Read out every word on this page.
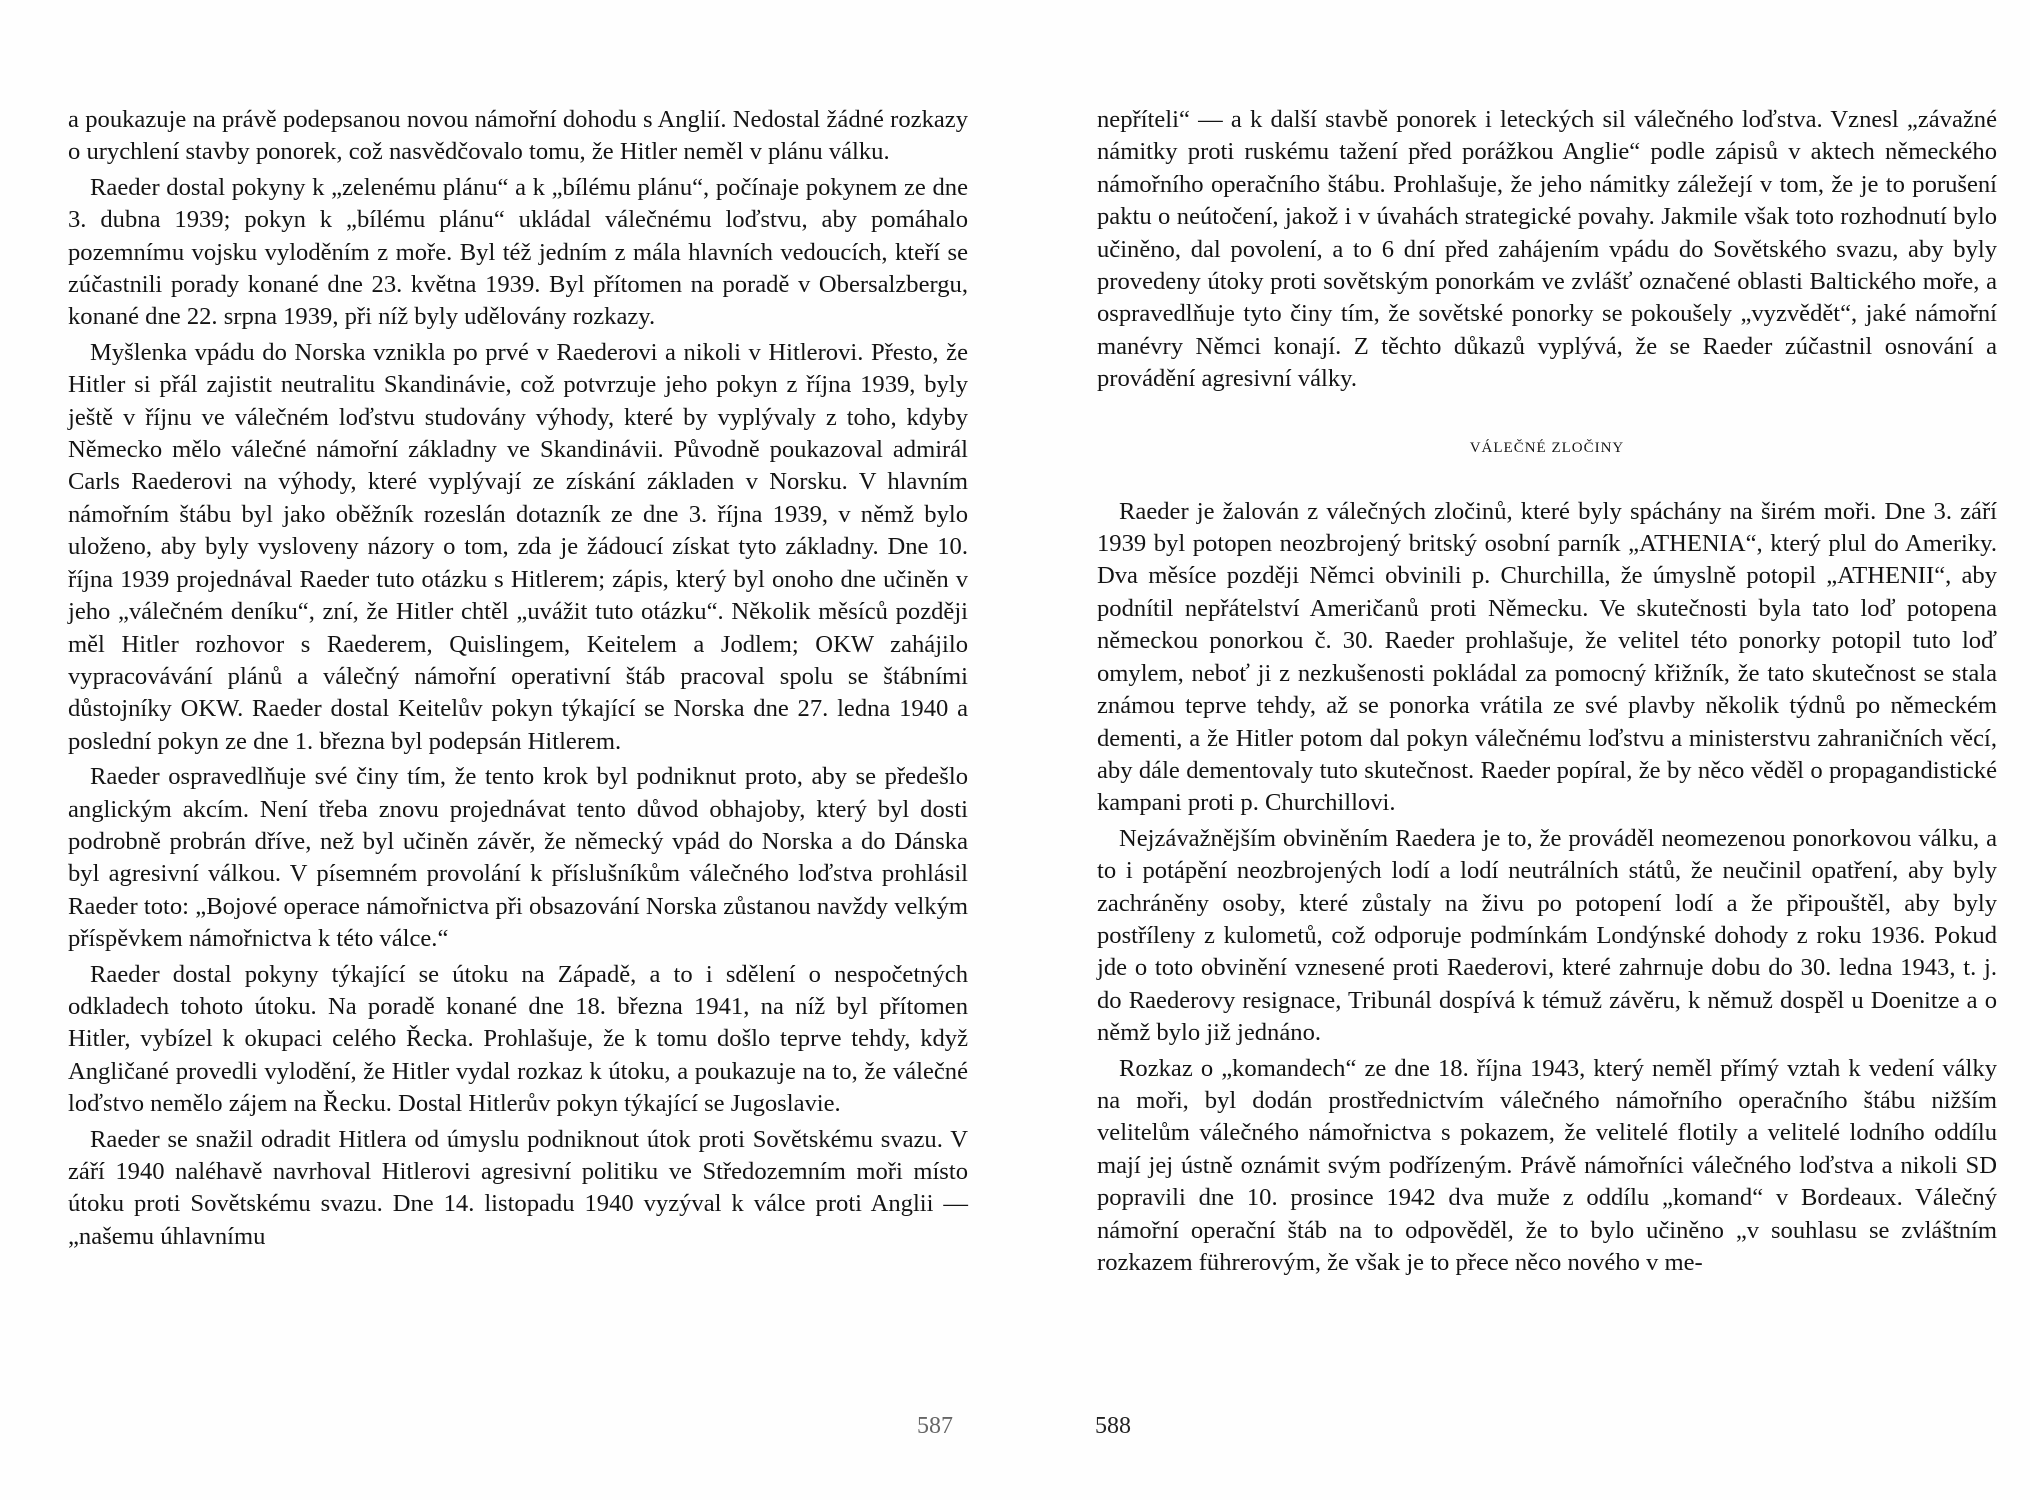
a poukazuje na právě podepsanou novou námořní dohodu s Anglií. Nedostal žádné rozkazy o urychlení stavby ponorek, což nasvědčovalo tomu, že Hitler neměl v plánu válku.

Raeder dostal pokyny k „zelenému plánu“ a k „bílému plánu“, počínaje pokynem ze dne 3. dubna 1939; pokyn k „bílému plánu“ ukládal válečnému loďstvu, aby pomáhalo pozemnímu vojsku vyloděním z moře. Byl též jedním z mála hlavních vedoucích, kteří se zúčastnili porady konané dne 23. května 1939. Byl přítomen na poradě v Obersalzbergu, konané dne 22. srpna 1939, při níž byly udělovány rozkazy.

Myšlenka vpádu do Norska vznikla po prvé v Raederovi a nikoli v Hitlerovi. Přesto, že Hitler si přál zajistit neutralitu Skandinávie, což potvrzuje jeho pokyn z října 1939, byly ještě v říjnu ve válečném loďstvu studovány výhody, které by vyplývaly z toho, kdyby Německo mělo válečné námořní základny ve Skandinávii. Původně poukazoval admirál Carls Raederovi na výhody, které vyplývají ze získání základen v Norsku. V hlavním námořním štábu byl jako oběžník rozeslán dotazník ze dne 3. října 1939, v němž bylo uloženo, aby byly vysloveny názory o tom, zda je žádoucí získat tyto základny. Dne 10. října 1939 projednával Raeder tuto otázku s Hitlerem; zápis, který byl onoho dne učiněn v jeho „válečném deníku“, zní, že Hitler chtěl „uvážit tuto otázku“. Několik měsíců později měl Hitler rozhovor s Raederem, Quislingem, Keitelem a Jodlem; OKW zahájilo vypracovávání plánů a válečný námořní operativní štáb pracoval spolu se štábními důstojníky OKW. Raeder dostal Keitelův pokyn týkající se Norska dne 27. ledna 1940 a poslední pokyn ze dne 1. března byl podepsán Hitlerem.

Raeder ospravedlňuje své činy tím, že tento krok byl podniknut proto, aby se předešlo anglickým akcím. Není třeba znovu projednávat tento důvod obhajoby, který byl dosti podrobně probrán dříve, než byl učiněn závěr, že německý vpád do Norska a do Dánska byl agresivní válkou. V písemném provolání k příslušníkům válečného loďstva prohlásil Raeder toto: „Bojové operace námořnictva při obsazování Norska zůstanou navždy velkým příspěvkem námořnictva k této válce.“

Raeder dostal pokyny týkající se útoku na Západě, a to i sdělení o nespočetných odkladech tohoto útoku. Na poradě konané dne 18. března 1941, na níž byl přítomen Hitler, vybízel k okupaci celého Řecka. Prohlašuje, že k tomu došlo teprve tehdy, když Angličané provedli vylodění, že Hitler vydal rozkaz k útoku, a poukazuje na to, že válečné loďstvo nemělo zájem na Řecku. Dostal Hitlerův pokyn týkající se Jugoslavie.

Raeder se snažil odradit Hitlera od úmyslu podniknout útok proti Sovětskému svazu. V září 1940 naléhavě navrhoval Hitlerovi agresivní politiku ve Středozemním moři místo útoku proti Sovětskému svazu. Dne 14. listopadu 1940 vyzýval k válce proti Anglii — „našemu úhlavnímu

587

nepříteli“ — a k další stavbě ponorek i leteckých sil válečného loďstva. Vznesl „závažné námitky proti ruskému tažení před porážkou Anglie“ podle zápisů v aktech německého námořního operačního štábu. Prohlašuje, že jeho námitky záležejí v tom, že je to porušení paktu o neútočení, jakož i v úvahách strategické povahy. Jakmile však toto rozhodnutí bylo učiněno, dal povolení, a to 6 dní před zahájením vpádu do Sovětského svazu, aby byly provedeny útoky proti sovětským ponorkám ve zvlášť označené oblasti Baltického moře, a ospravedlňuje tyto činy tím, že sovětské ponorky se pokoušely „vyzvědět“, jaké námořní manévry Němci konají. Z těchto důkazů vyplývá, že se Raeder zúčastnil osnování a provádění agresivní války.

VÁLEČNÉ ZLOČINY

Raeder je žalován z válečných zločinů, které byly spáchány na širém moři. Dne 3. září 1939 byl potopen neozbrojený britský osobní parník „ATHENIA“, který plul do Ameriky. Dva měsíce později Němci obvinili p. Churchilla, že úmyslně potopil „ATHENII“, aby podnítil nepřátelství Američanů proti Německu. Ve skutečnosti byla tato loď potopena německou ponorkou č. 30. Raeder prohlašuje, že velitel této ponorky potopil tuto loď omylem, neboť ji z nezkušenosti pokládal za pomocný křižník, že tato skutečnost se stala známou teprve tehdy, až se ponorka vrátila ze své plavby několik týdnů po německém dementi, a že Hitler potom dal pokyn válečnému loďstvu a ministerstvu zahraničních věcí, aby dále dementovaly tuto skutečnost. Raeder popíral, že by něco věděl o propagandistické kampani proti p. Churchillovi.

Nejzávažnějším obviněním Raedera je to, že prováděl neomezenou ponorkovou válku, a to i potápění neozbrojených lodí a lodí neutrálních států, že neučinil opatření, aby byly zachráněny osoby, které zůstaly na živu po potopení lodí a že připouštěl, aby byly postříleny z kulometů, což odporuje podmínkám Londýnské dohody z roku 1936. Pokud jde o toto obvinění vznesené proti Raederovi, které zahrnuje dobu do 30. ledna 1943, t. j. do Raederovy resignace, Tribunál dospívá k témuž závěru, k němuž dospěl u Doenitze a o němž bylo již jednáno.

Rozkaz o „komandech“ ze dne 18. října 1943, který neměl přímý vztah k vedení války na moři, byl dodán prostřednictvím válečného námořního operačního štábu nižším velitelům válečného námořnictva s pokazem, že velitelé flotily a velitelé lodního oddílu mají jej ústně oznámit svým podřízeným. Právě námořníci válečného loďstva a nikoli SD popravili dne 10. prosince 1942 dva muže z oddílu „komand“ v Bordeaux. Válečný námořní operační štáb na to odpověděl, že to bylo učiněno „v souhlasu se zvláštním rozkazem führerovým, že však je to přece něco nového v me-

588
